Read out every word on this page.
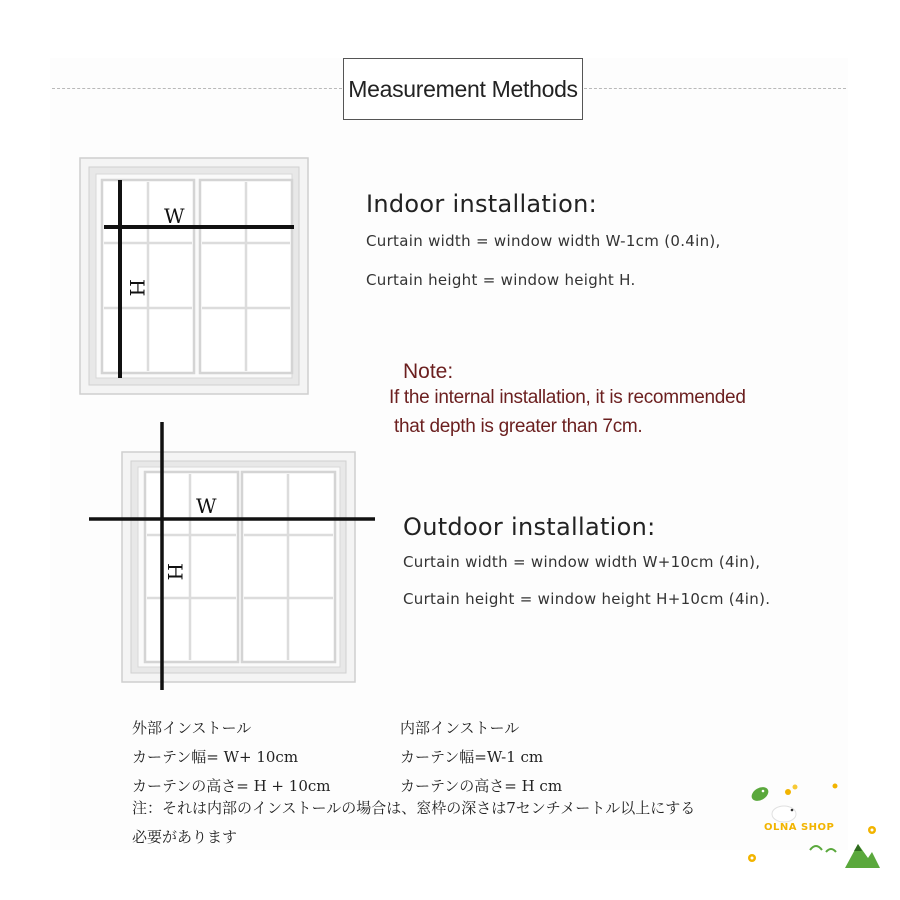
Measurement Methods
W
H
W
H
Indoor installation:
Curtain width = window width W-1cm (0.4in),
Curtain height = window height H.
Note:
If the internal installation, it is recommended
that depth is greater than 7cm.
Outdoor installation:
Curtain width = window width W+10cm (4in),
Curtain height = window height H+10cm (4in).
外部インストール
カーテン幅= W+ 10cm
カーテンの高さ= H + 10cm
内部インストール
カーテン幅=W-1 cm
カーテンの高さ= H cm
注：それは内部のインストールの場合は、窓枠の深さは7センチメートル以上にする
必要があります
OLNA SHOP
